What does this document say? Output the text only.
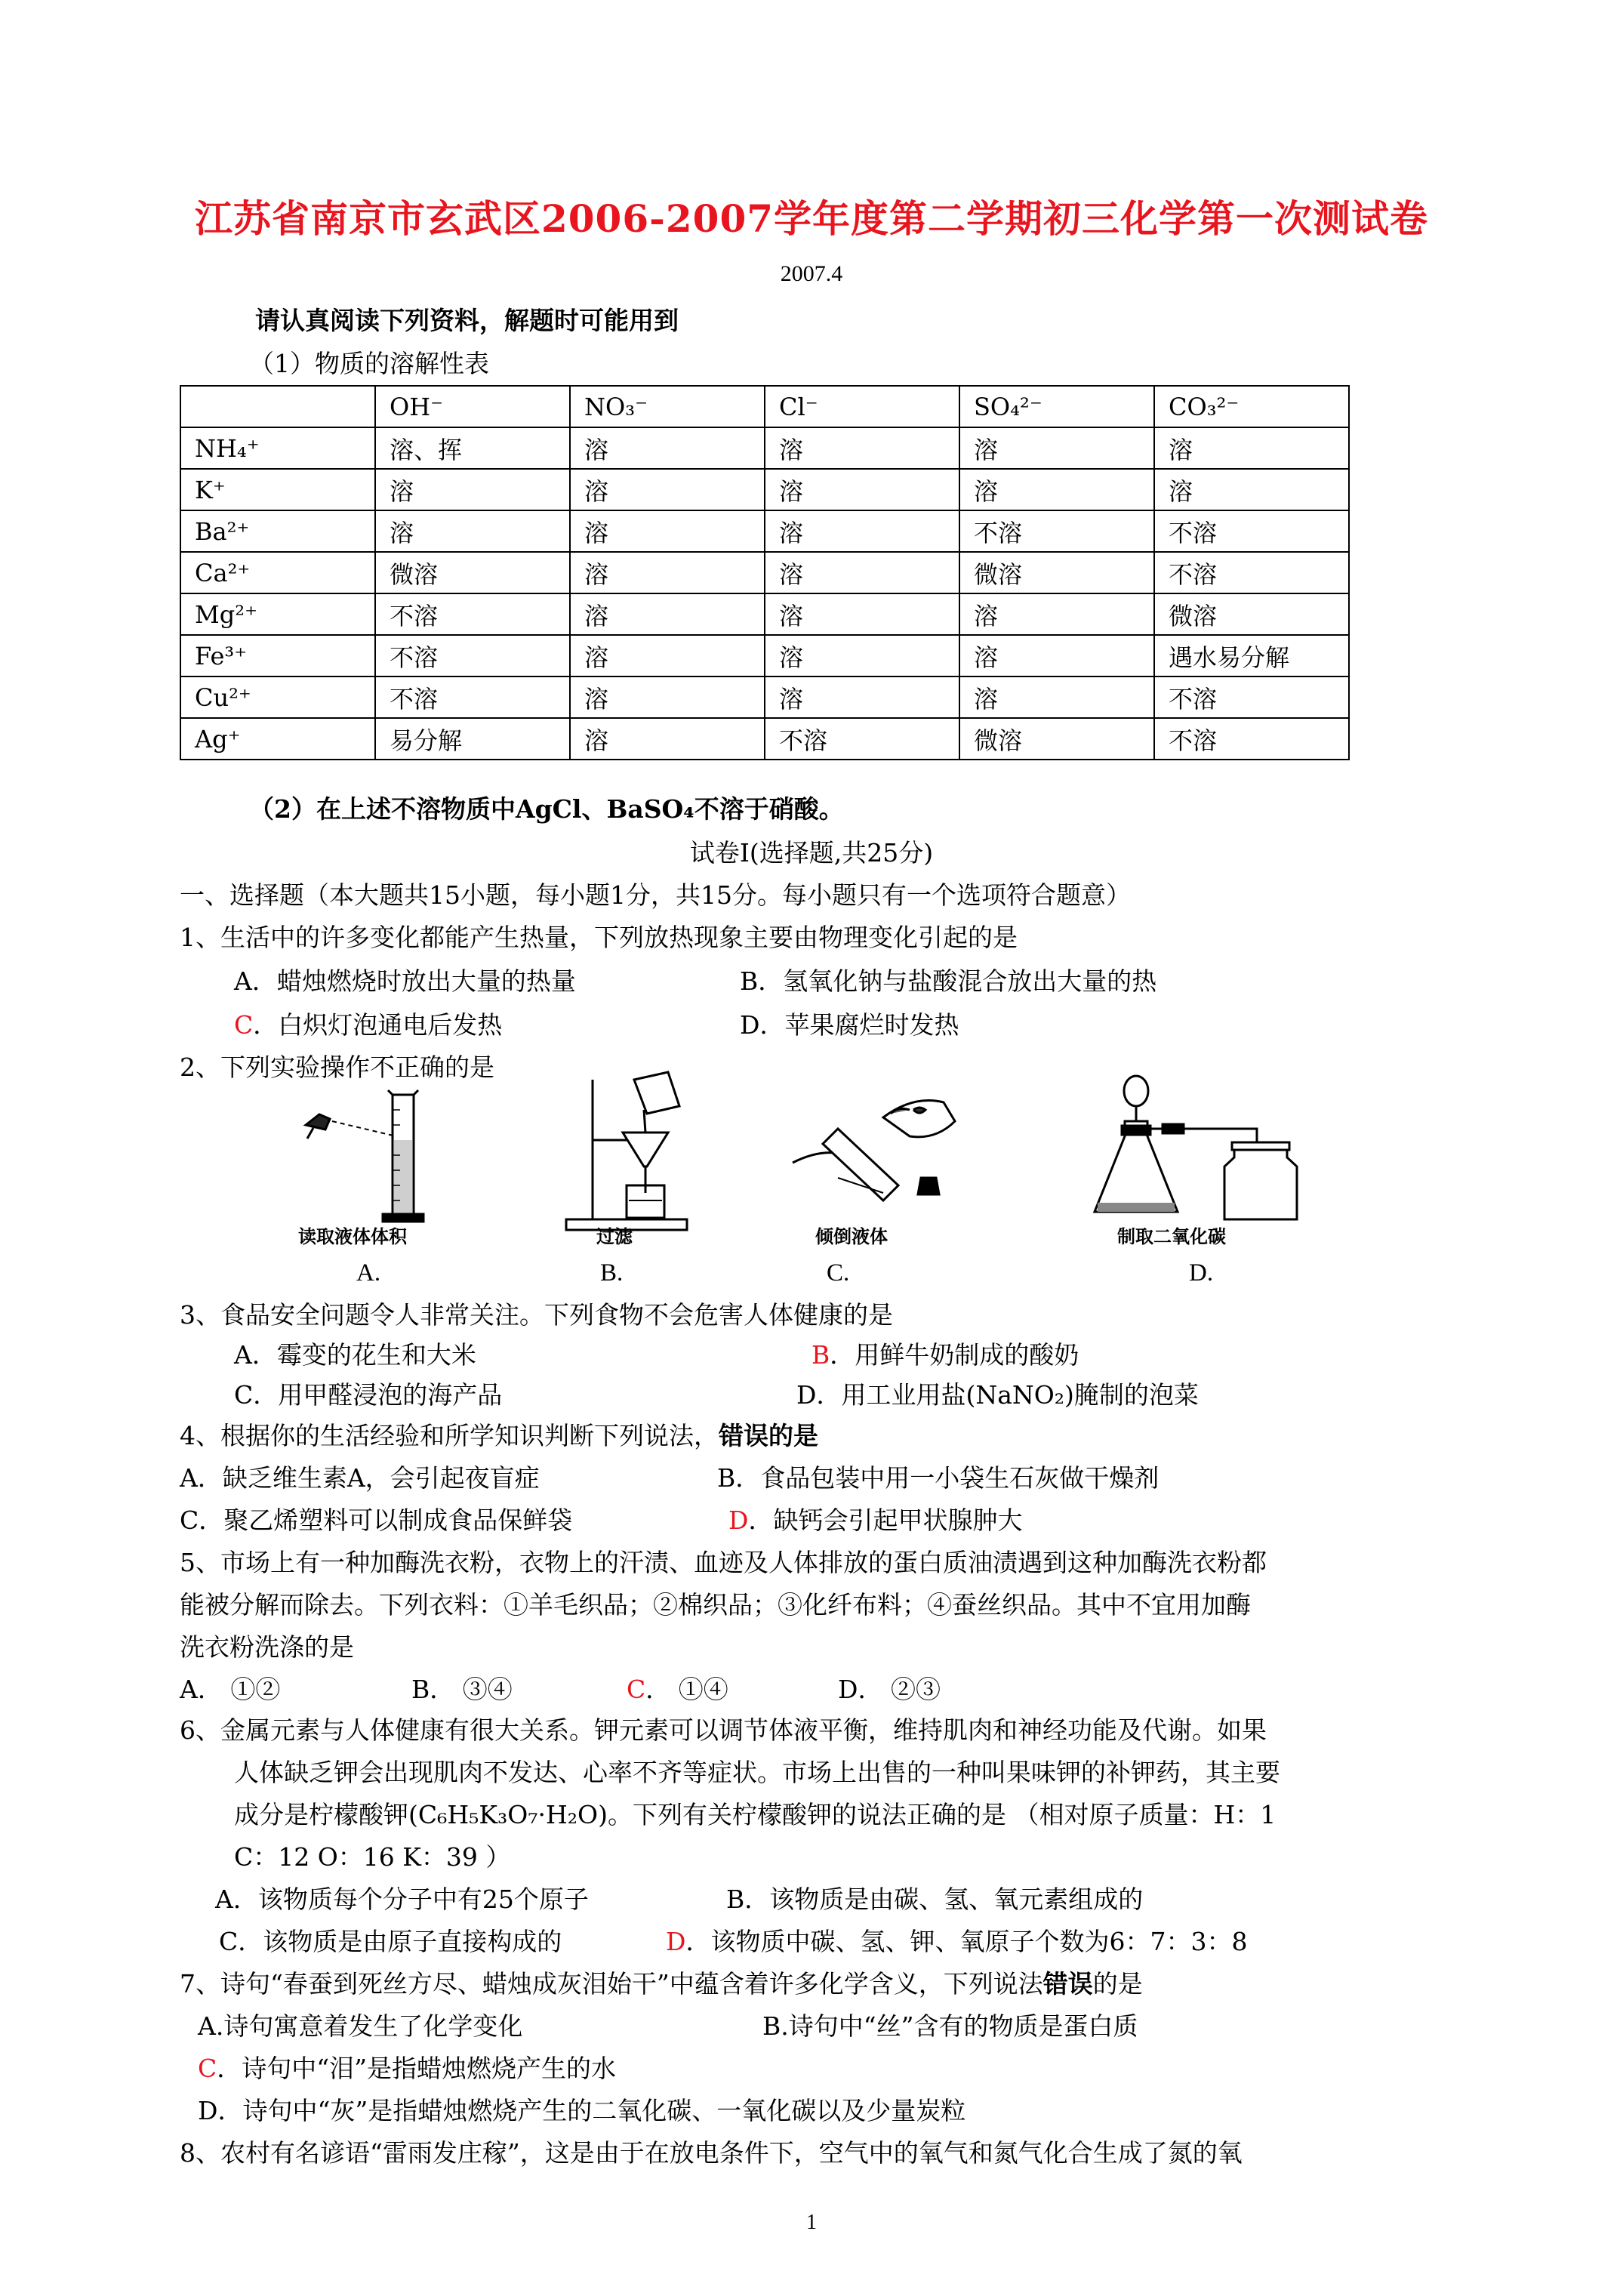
江苏省南京市玄武区2006-2007学年度第二学期初三化学第一次测试卷
2007.4
请认真阅读下列资料，解题时可能用到
（1）物质的溶解性表
	OH⁻	NO₃⁻	Cl⁻	SO₄²⁻	CO₃²⁻
NH₄⁺	溶、挥	溶	溶	溶	溶
K⁺	溶	溶	溶	溶	溶
Ba²⁺	溶	溶	溶	不溶	不溶
Ca²⁺	微溶	溶	溶	微溶	不溶
Mg²⁺	不溶	溶	溶	溶	微溶
Fe³⁺	不溶	溶	溶	溶	遇水易分解
Cu²⁺	不溶	溶	溶	溶	不溶
Ag⁺	易分解	溶	不溶	微溶	不溶
（2）在上述不溶物质中AgCl、BaSO₄不溶于硝酸。
试卷Ⅰ(选择题,共25分)
一、选择题（本大题共15小题，每小题1分，共15分。每小题只有一个选项符合题意）
1、生活中的许多变化都能产生热量，下列放热现象主要由物理变化引起的是
A．蜡烛燃烧时放出大量的热量	B．氢氧化钠与盐酸混合放出大量的热
C．白炽灯泡通电后发热	D．苹果腐烂时发热
2、下列实验操作不正确的是
读取液体体积	过滤	倾倒液体	制取二氧化碳
A.	B.	C.	D.
3、食品安全问题令人非常关注。下列食物不会危害人体健康的是
A．霉变的花生和大米	B．用鲜牛奶制成的酸奶
C．用甲醛浸泡的海产品	D．用工业用盐(NaNO₂)腌制的泡菜
4、根据你的生活经验和所学知识判断下列说法，错误的是
A．缺乏维生素A，会引起夜盲症	B．食品包装中用一小袋生石灰做干燥剂
C．聚乙烯塑料可以制成食品保鲜袋	D．缺钙会引起甲状腺肿大
5、市场上有一种加酶洗衣粉，衣物上的汗渍、血迹及人体排放的蛋白质油渍遇到这种加酶洗衣粉都
能被分解而除去。下列衣料：①羊毛织品；②棉织品；③化纤布料；④蚕丝织品。其中不宜用加酶
洗衣粉洗涤的是
A． ①②	B． ③④	C． ①④	D． ②③
6、金属元素与人体健康有很大关系。钾元素可以调节体液平衡，维持肌肉和神经功能及代谢。如果
人体缺乏钾会出现肌肉不发达、心率不齐等症状。市场上出售的一种叫果味钾的补钾药，其主要
成分是柠檬酸钾(C₆H₅K₃O₇·H₂O)。下列有关柠檬酸钾的说法正确的是 （相对原子质量：H：1
C：12 O：16 K：39 ）
A．该物质每个分子中有25个原子	B．该物质是由碳、氢、氧元素组成的
C．该物质是由原子直接构成的	D．该物质中碳、氢、钾、氧原子个数为6：7：3：8
7、诗句“春蚕到死丝方尽、蜡烛成灰泪始干”中蕴含着许多化学含义，下列说法错误的是
A.诗句寓意着发生了化学变化	B.诗句中“丝”含有的物质是蛋白质
C．诗句中“泪”是指蜡烛燃烧产生的水
D．诗句中“灰”是指蜡烛燃烧产生的二氧化碳、一氧化碳以及少量炭粒
8、农村有名谚语“雷雨发庄稼”，这是由于在放电条件下，空气中的氧气和氮气化合生成了氮的氧
1
